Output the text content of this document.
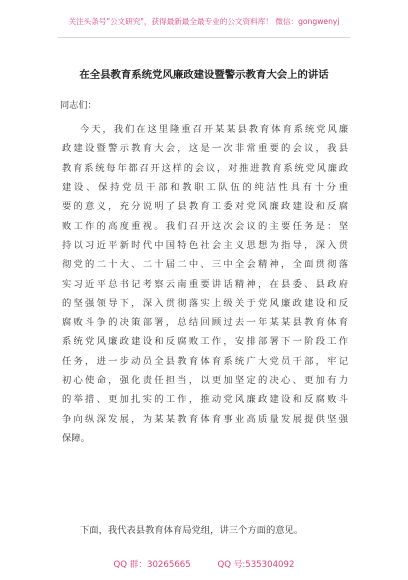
关注头条号"公文研究"，获得最新最全最专业的公文资料库！ 微信：gongwenyj
在全县教育系统党风廉政建设暨警示教育大会上的讲话
同志们：
今天，我们在这里隆重召开某某县教育体育系统党风廉
政建设暨警示教育大会，这是一次非常重要的会议，我县
教育系统每年都召开这样的会议，对推进教育系统党风廉政
建设、保持党员干部和教职工队伍的纯洁性具有十分重
要的意义，充分说明了县教育工委对党风廉政建设和反腐
败工作的高度重视。我们召开这次会议的主要任务是：坚
持以习近平新时代中国特色社会主义思想为指导，深入贯
彻党的二十大、二十届二中、三中全会精神，全面贯彻落
实习近平总书记考察云南重要讲话精神，在县委、县政府
的坚强领导下，深入贯彻落实上级关于党风廉政建设和反
腐败斗争的决策部署，总结回顾过去一年某某县教育体育
系统党风廉政建设和反腐败工作，安排部署下一阶段工作
任务，进一步动员全县教育体育系统广大党员干部，牢记
初心使命，强化责任担当，以更加坚定的决心、更加有力
的举措、更加扎实的工作，推动党风廉政建设和反腐败斗
争向纵深发展，为某某教育体育事业高质量发展提供坚强
保障。
下面，我代表县教育体育局党组，讲三个方面的意见。
QQ 群：30265665	QQ 号:535304092
